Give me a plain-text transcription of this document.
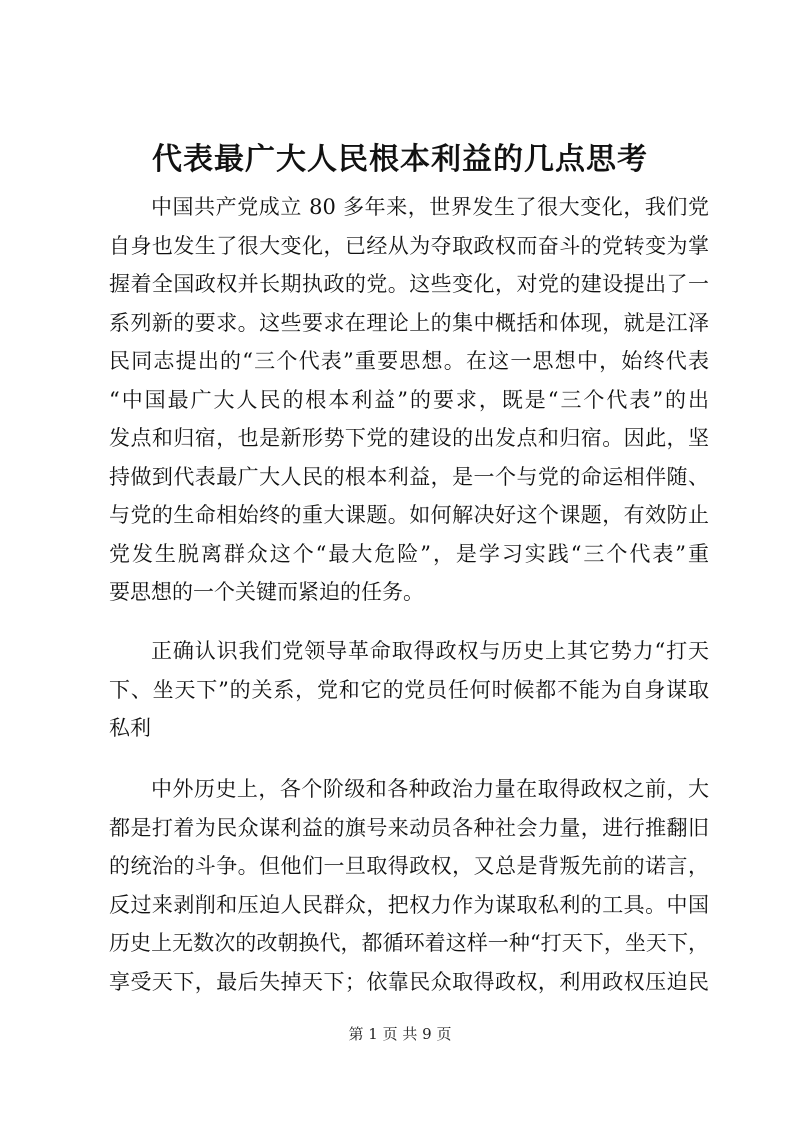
代表最广大人民根本利益的几点思考
中国共产党成立 80 多年来，世界发生了很大变化，我们党
自身也发生了很大变化，已经从为夺取政权而奋斗的党转变为掌
握着全国政权并长期执政的党。这些变化，对党的建设提出了一
系列新的要求。这些要求在理论上的集中概括和体现，就是江泽
民同志提出的“三个代表”重要思想。在这一思想中，始终代表
“中国最广大人民的根本利益”的要求，既是“三个代表”的出
发点和归宿，也是新形势下党的建设的出发点和归宿。因此，坚
持做到代表最广大人民的根本利益，是一个与党的命运相伴随、
与党的生命相始终的重大课题。如何解决好这个课题，有效防止
党发生脱离群众这个“最大危险”，是学习实践“三个代表”重
要思想的一个关键而紧迫的任务。
正确认识我们党领导革命取得政权与历史上其它势力“打天
下、坐天下”的关系，党和它的党员任何时候都不能为自身谋取
私利
中外历史上，各个阶级和各种政治力量在取得政权之前，大
都是打着为民众谋利益的旗号来动员各种社会力量，进行推翻旧
的统治的斗争。但他们一旦取得政权，又总是背叛先前的诺言，
反过来剥削和压迫人民群众，把权力作为谋取私利的工具。中国
历史上无数次的改朝换代，都循环着这样一种“打天下，坐天下，
享受天下，最后失掉天下；依靠民众取得政权，利用政权压迫民
第 1 页 共 9 页
